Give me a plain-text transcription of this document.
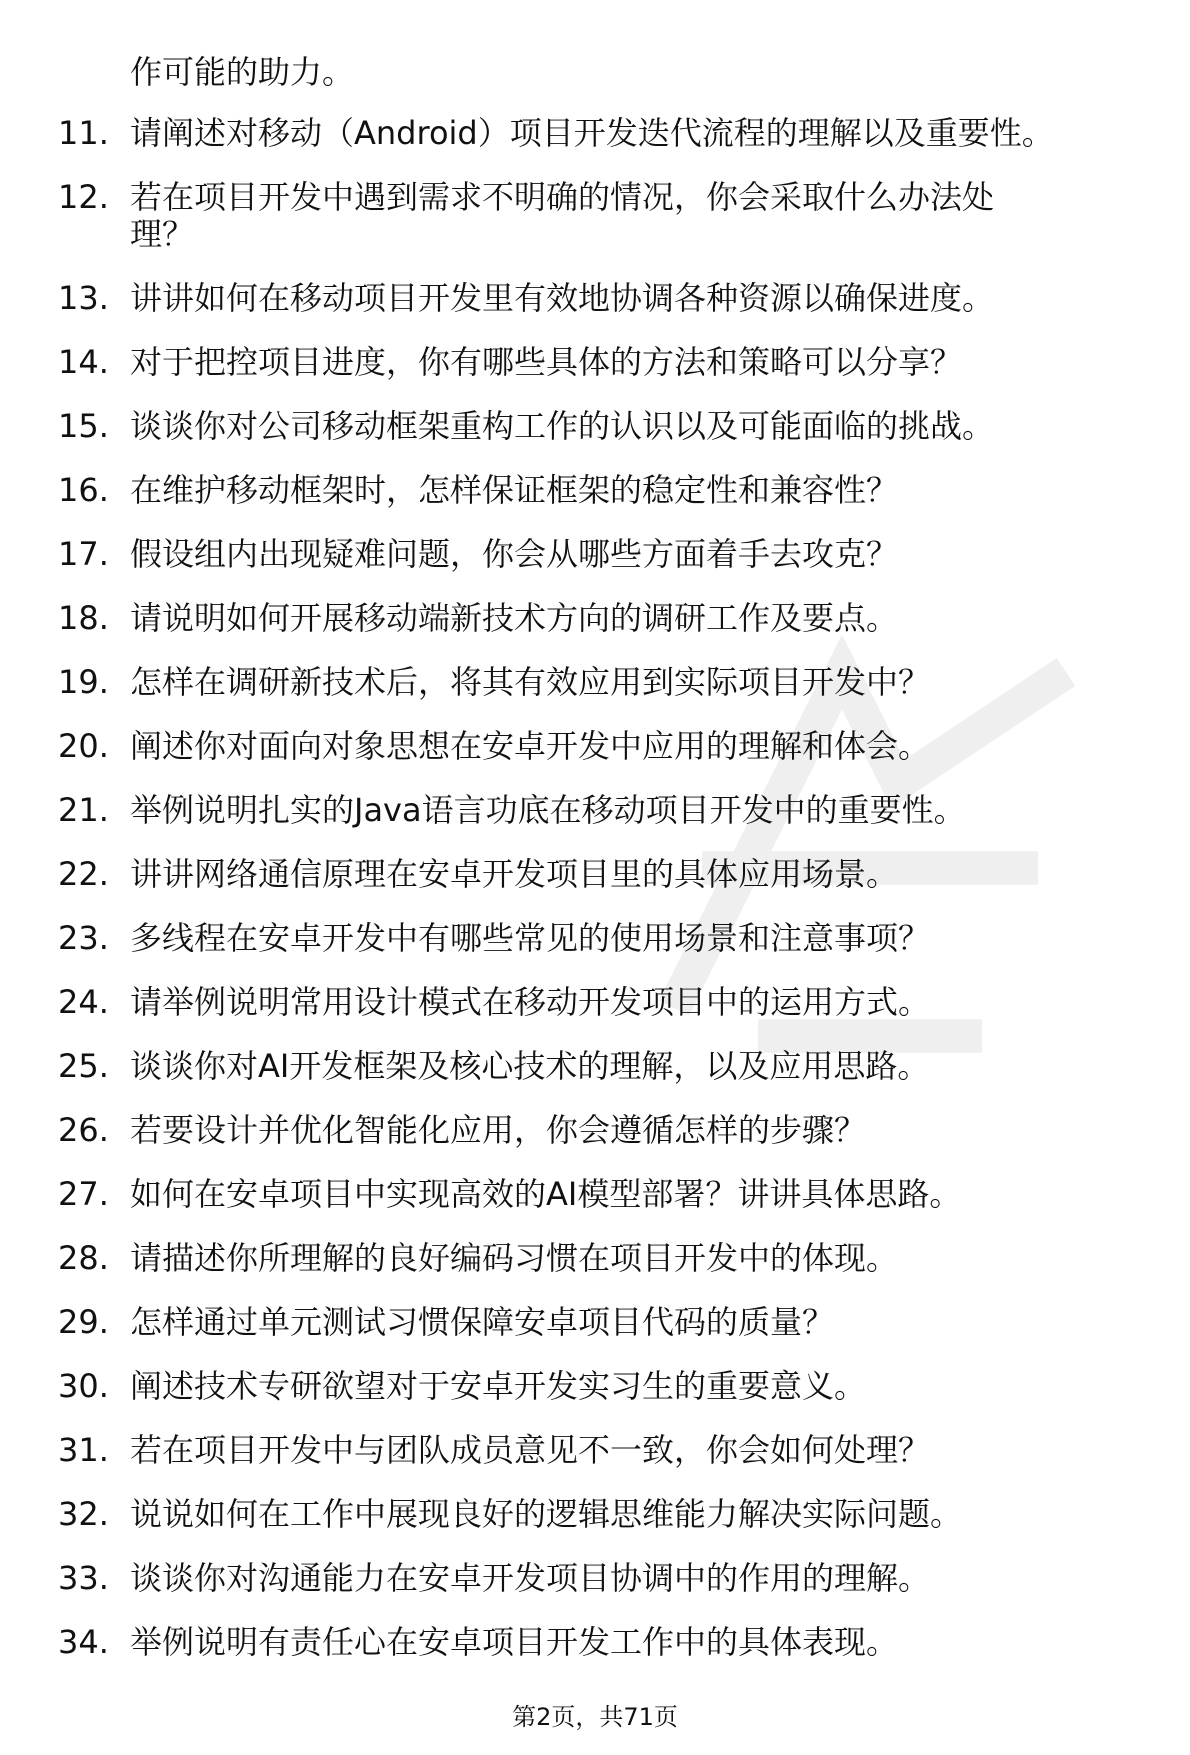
作可能的助力。
11. 请阐述对移动（Android）项目开发迭代流程的理解以及重要性。
12. 若在项目开发中遇到需求不明确的情况，你会采取什么办法处理？
13. 讲讲如何在移动项目开发里有效地协调各种资源以确保进度。
14. 对于把控项目进度，你有哪些具体的方法和策略可以分享？
15. 谈谈你对公司移动框架重构工作的认识以及可能面临的挑战。
16. 在维护移动框架时，怎样保证框架的稳定性和兼容性？
17. 假设组内出现疑难问题，你会从哪些方面着手去攻克？
18. 请说明如何开展移动端新技术方向的调研工作及要点。
19. 怎样在调研新技术后，将其有效应用到实际项目开发中？
20. 阐述你对面向对象思想在安卓开发中应用的理解和体会。
21. 举例说明扎实的Java语言功底在移动项目开发中的重要性。
22. 讲讲网络通信原理在安卓开发项目里的具体应用场景。
23. 多线程在安卓开发中有哪些常见的使用场景和注意事项？
24. 请举例说明常用设计模式在移动开发项目中的运用方式。
25. 谈谈你对AI开发框架及核心技术的理解，以及应用思路。
26. 若要设计并优化智能化应用，你会遵循怎样的步骤？
27. 如何在安卓项目中实现高效的AI模型部署？讲讲具体思路。
28. 请描述你所理解的良好编码习惯在项目开发中的体现。
29. 怎样通过单元测试习惯保障安卓项目代码的质量？
30. 阐述技术专研欲望对于安卓开发实习生的重要意义。
31. 若在项目开发中与团队成员意见不一致，你会如何处理？
32. 说说如何在工作中展现良好的逻辑思维能力解决实际问题。
33. 谈谈你对沟通能力在安卓开发项目协调中的作用的理解。
34. 举例说明有责任心在安卓项目开发工作中的具体表现。
第2页，共71页
